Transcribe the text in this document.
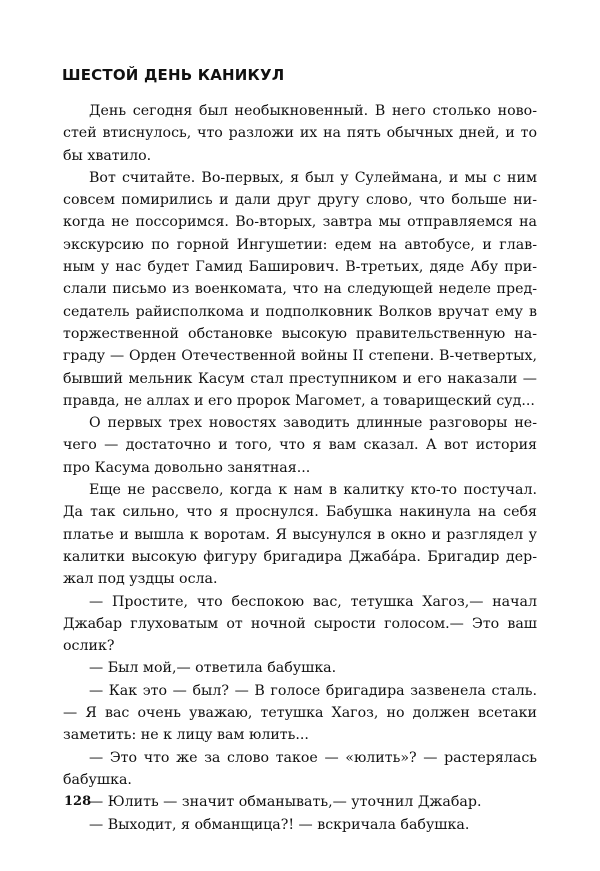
ШЕСТОЙ ДЕНЬ КАНИКУЛ

День сегодня был необыкновенный. В него столько новостей втиснулось, что разложи их на пять обычных дней, и то бы хватило.

Вот считайте. Во-первых, я был у Сулеймана, и мы с ним совсем помирились и дали друг другу слово, что больше никогда не поссоримся. Во-вторых, завтра мы отправляемся на экскурсию по горной Ингушетии: едем на автобусе, и главным у нас будет Гамид Баширович. В-третьих, дяде Абу прислали письмо из военкомата, что на следующей неделе председатель райисполкома и подполковник Волков вручат ему в торжественной обстановке высокую правительственную награду — Орден Отечественной войны II степени. В-четвертых, бывший мельник Касум стал преступником и его наказали — правда, не аллах и его пророк Магомет, а товарищеский суд...

О первых трех новостях заводить длинные разговоры нечего — достаточно и того, что я вам сказал. А вот история про Касума довольно занятная...

Еще не рассвело, когда к нам в калитку кто-то постучал. Да так сильно, что я проснулся. Бабушка накинула на себя платье и вышла к воротам. Я высунулся в окно и разглядел у калитки высокую фигуру бригадира Джабáра. Бригадир держал под уздцы осла.

— Простите, что беспокою вас, тетушка Хагоз,— начал Джабар глуховатым от ночной сырости голосом.— Это ваш ослик?

— Был мой,— ответила бабушка.

— Как это — был? — В голосе бригадира зазвенела сталь.— Я вас очень уважаю, тетушка Хагоз, но должен всетаки заметить: не к лицу вам юлить...

— Это что же за слово такое — «юлить»? — растерялась бабушка.

— Юлить — значит обманывать,— уточнил Джабар.

— Выходит, я обманщица?! — вскричала бабушка.

128
